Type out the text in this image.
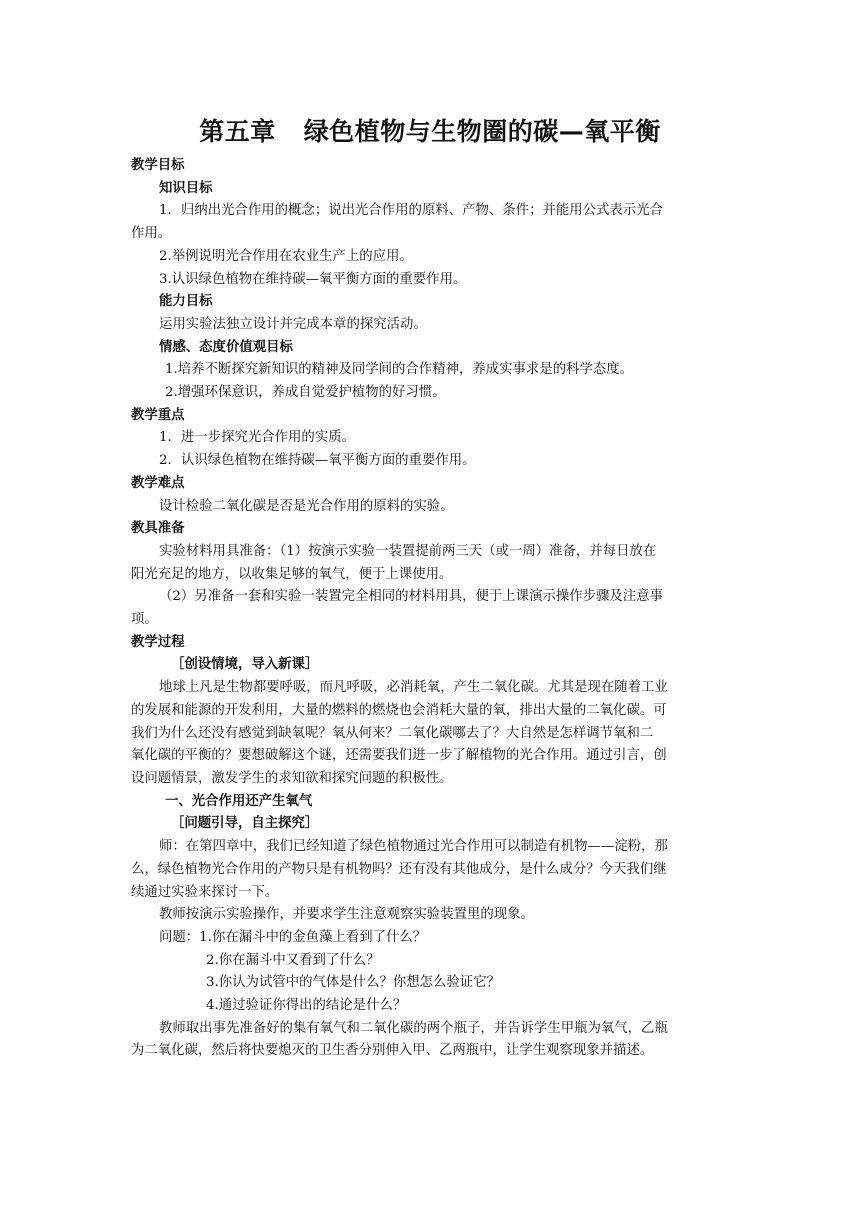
第五章 绿色植物与生物圈的碳—氧平衡

教学目标

知识目标

1．归纳出光合作用的概念；说出光合作用的原料、产物、条件；并能用公式表示光合

作用。

2.举例说明光合作用在农业生产上的应用。

3.认识绿色植物在维持碳—氧平衡方面的重要作用。

能力目标

运用实验法独立设计并完成本章的探究活动。

情感、态度价值观目标

1.培养不断探究新知识的精神及同学间的合作精神，养成实事求是的科学态度。

2.增强环保意识，养成自觉爱护植物的好习惯。

教学重点

1．进一步探究光合作用的实质。

2．认识绿色植物在维持碳—氧平衡方面的重要作用。

教学难点

设计检验二氧化碳是否是光合作用的原料的实验。

教具准备

实验材料用具准备：（1）按演示实验一装置提前两三天（或一周）准备，并每日放在

阳光充足的地方，以收集足够的氧气，便于上课使用。

（2）另准备一套和实验一装置完全相同的材料用具，便于上课演示操作步骤及注意事

项。

教学过程

［创设情境，导入新课］

地球上凡是生物都要呼吸，而凡呼吸，必消耗氧，产生二氧化碳。尤其是现在随着工业

的发展和能源的开发利用，大量的燃料的燃烧也会消耗大量的氧，排出大量的二氧化碳。可

我们为什么还没有感觉到缺氧呢？氧从何来？二氧化碳哪去了？大自然是怎样调节氧和二

氧化碳的平衡的？要想破解这个谜，还需要我们进一步了解植物的光合作用。通过引言，创

设问题情景，激发学生的求知欲和探究问题的积极性。

一、光合作用还产生氧气

［问题引导，自主探究］

师：在第四章中，我们已经知道了绿色植物通过光合作用可以制造有机物——淀粉，那

么，绿色植物光合作用的产物只是有机物吗？还有没有其他成分，是什么成分？今天我们继

续通过实验来探讨一下。

教师按演示实验操作，并要求学生注意观察实验装置里的现象。

问题：1.你在漏斗中的金鱼藻上看到了什么？

2.你在漏斗中又看到了什么？

3.你认为试管中的气体是什么？你想怎么验证它？

4.通过验证你得出的结论是什么？

教师取出事先准备好的集有氧气和二氧化碳的两个瓶子，并告诉学生甲瓶为氧气，乙瓶

为二氧化碳，然后将快要熄灭的卫生香分别伸入甲、乙两瓶中，让学生观察现象并描述。
